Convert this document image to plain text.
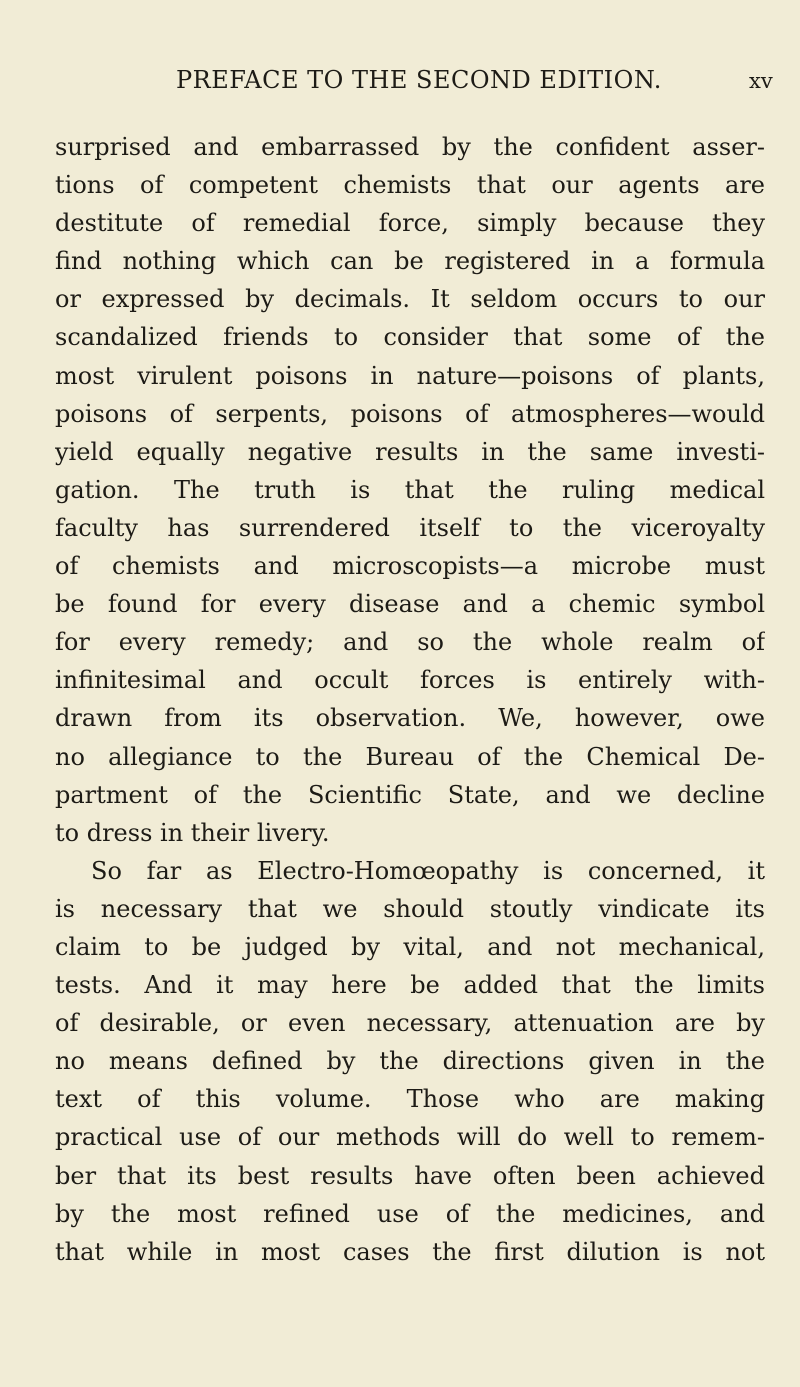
PREFACE TO THE SECOND EDITION.	xv
surprised and embarrassed by the confident asser-
tions of competent chemists that our agents are
destitute of remedial force, simply because they
find nothing which can be registered in a formula
or expressed by decimals. It seldom occurs to our
scandalized friends to consider that some of the
most virulent poisons in nature—poisons of plants,
poisons of serpents, poisons of atmospheres—would
yield equally negative results in the same investi-
gation. The truth is that the ruling medical
faculty has surrendered itself to the viceroyalty
of chemists and microscopists—a microbe must
be found for every disease and a chemic symbol
for every remedy; and so the whole realm of
infinitesimal and occult forces is entirely with-
drawn from its observation. We, however, owe
no allegiance to the Bureau of the Chemical De-
partment of the Scientific State, and we decline
to dress in their livery.
So far as Electro-Homœopathy is concerned, it
is necessary that we should stoutly vindicate its
claim to be judged by vital, and not mechanical,
tests. And it may here be added that the limits
of desirable, or even necessary, attenuation are by
no means defined by the directions given in the
text of this volume. Those who are making
practical use of our methods will do well to remem-
ber that its best results have often been achieved
by the most refined use of the medicines, and
that while in most cases the first dilution is not
